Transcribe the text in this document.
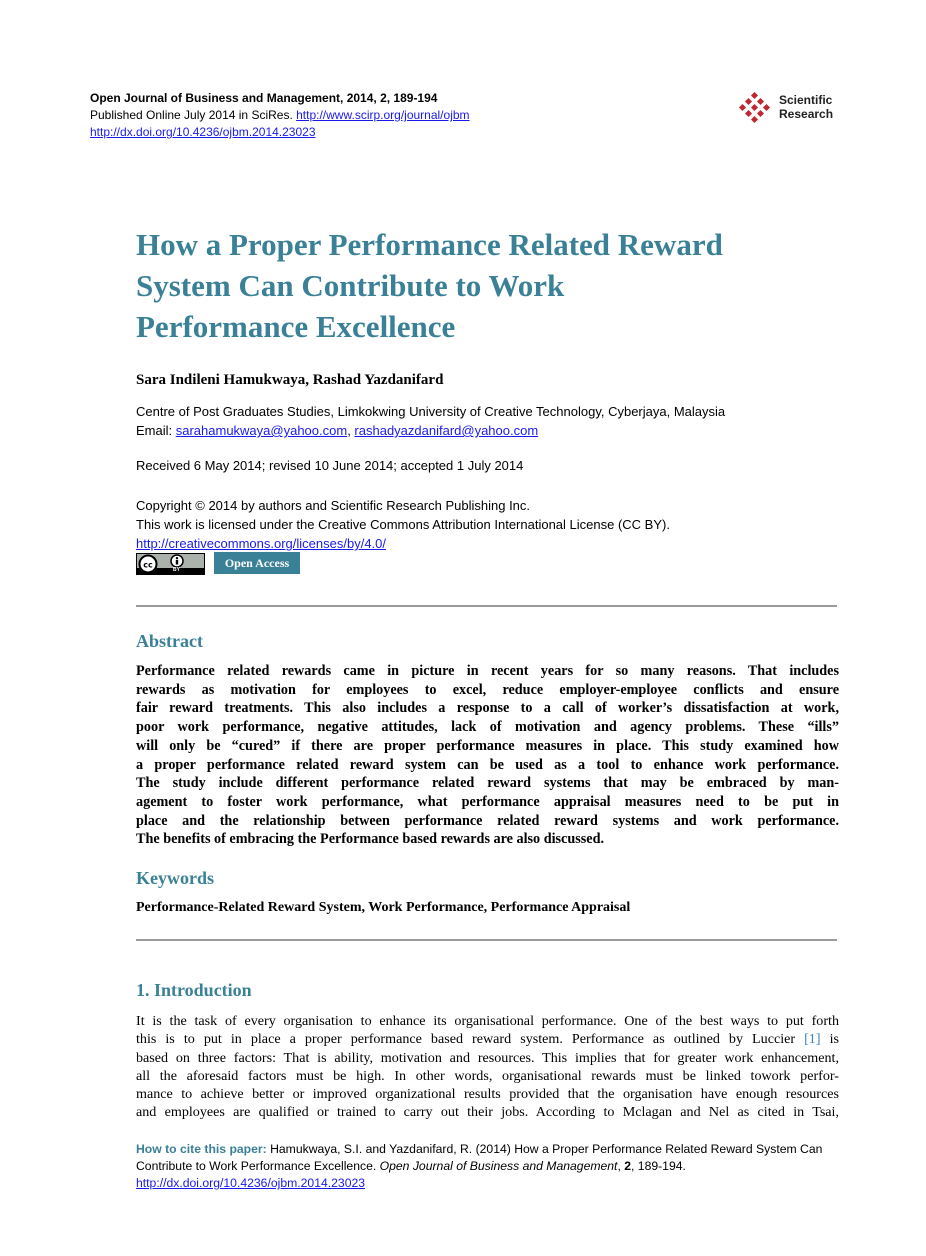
Open Journal of Business and Management, 2014, 2, 189-194
Published Online July 2014 in SciRes. http://www.scirp.org/journal/ojbm
http://dx.doi.org/10.4236/ojbm.2014.23023
Scientific
Research
How a Proper Performance Related Reward
System Can Contribute to Work
Performance Excellence
Sara Indileni Hamukwaya, Rashad Yazdanifard
Centre of Post Graduates Studies, Limkokwing University of Creative Technology, Cyberjaya, Malaysia
Email: sarahamukwaya@yahoo.com, rashadyazdanifard@yahoo.com
Received 6 May 2014; revised 10 June 2014; accepted 1 July 2014
Copyright © 2014 by authors and Scientific Research Publishing Inc.
This work is licensed under the Creative Commons Attribution International License (CC BY).
http://creativecommons.org/licenses/by/4.0/
cc
BY	Open Access
Abstract
Performance related rewards came in picture in recent years for so many reasons. That includes
rewards as motivation for employees to excel, reduce employer-employee conflicts and ensure
fair reward treatments. This also includes a response to a call of worker’s dissatisfaction at work,
poor work performance, negative attitudes, lack of motivation and agency problems. These “ills”
will only be “cured” if there are proper performance measures in place. This study examined how
a proper performance related reward system can be used as a tool to enhance work performance.
The study include different performance related reward systems that may be embraced by man-
agement to foster work performance, what performance appraisal measures need to be put in
place and the relationship between performance related reward systems and work performance.
The benefits of embracing the Performance based rewards are also discussed.
Keywords
Performance-Related Reward System, Work Performance, Performance Appraisal
1. Introduction
It is the task of every organisation to enhance its organisational performance. One of the best ways to put forth
this is to put in place a proper performance based reward system. Performance as outlined by Luccier [1] is
based on three factors: That is ability, motivation and resources. This implies that for greater work enhancement,
all the aforesaid factors must be high. In other words, organisational rewards must be linked towork perfor-
mance to achieve better or improved organizational results provided that the organisation have enough resources
and employees are qualified or trained to carry out their jobs. According to Mclagan and Nel as cited in Tsai,
How to cite this paper: Hamukwaya, S.I. and Yazdanifard, R. (2014) How a Proper Performance Related Reward System Can
Contribute to Work Performance Excellence. Open Journal of Business and Management, 2, 189-194.
http://dx.doi.org/10.4236/ojbm.2014.23023
